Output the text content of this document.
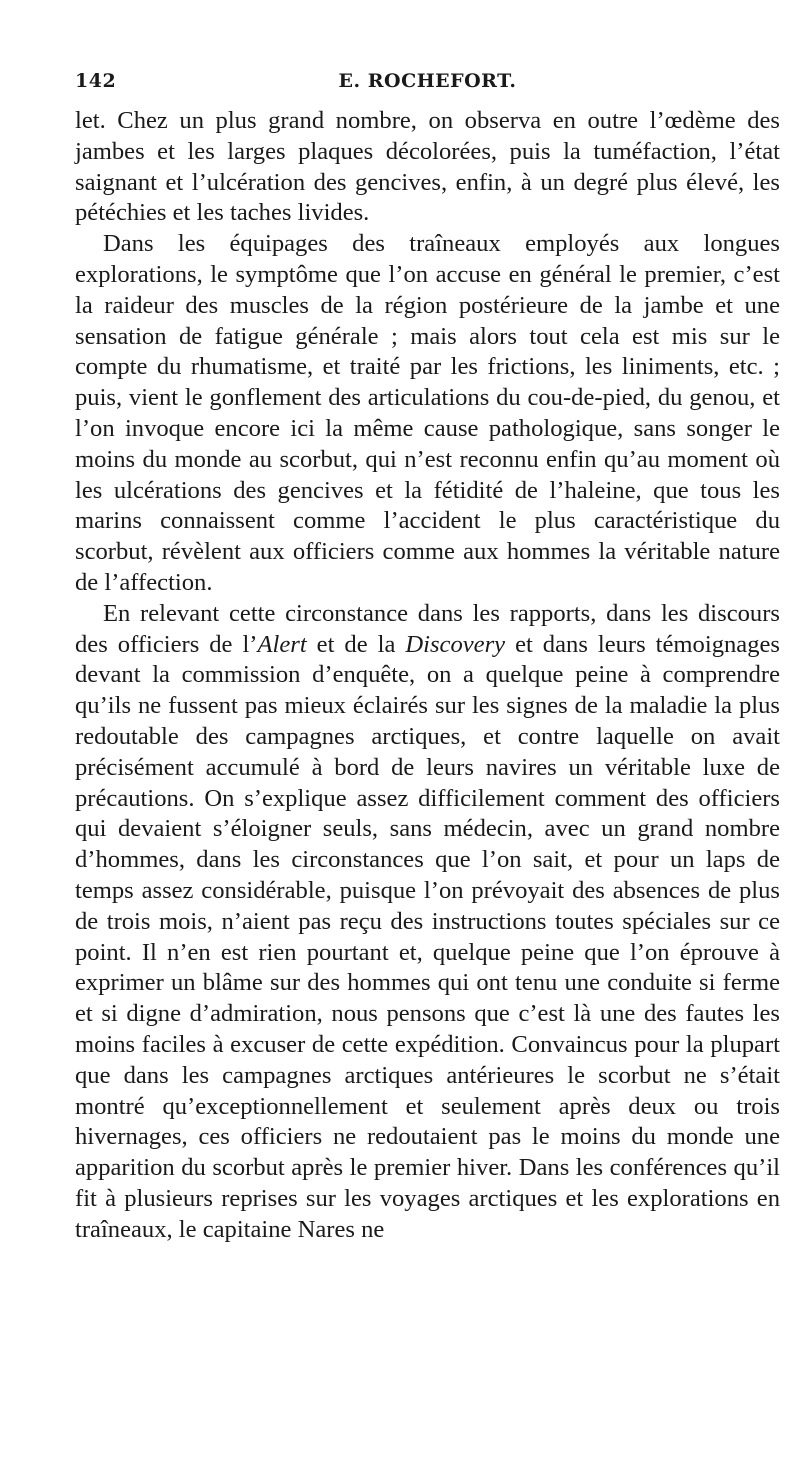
142	E. ROCHEFORT.

let. Chez un plus grand nombre, on observa en outre l’œdème des jambes et les larges plaques décolorées, puis la tuméfaction, l’état saignant et l’ulcération des gencives, enfin, à un degré plus élevé, les pétéchies et les taches livides.

Dans les équipages des traîneaux employés aux longues explorations, le symptôme que l’on accuse en général le premier, c’est la raideur des muscles de la région postérieure de la jambe et une sensation de fatigue générale ; mais alors tout cela est mis sur le compte du rhumatisme, et traité par les frictions, les liniments, etc. ; puis, vient le gonflement des articulations du cou-de-pied, du genou, et l’on invoque encore ici la même cause pathologique, sans songer le moins du monde au scorbut, qui n’est reconnu enfin qu’au moment où les ulcérations des gencives et la fétidité de l’haleine, que tous les marins connaissent comme l’accident le plus caractéristique du scorbut, révèlent aux officiers comme aux hommes la véritable nature de l’affection.

En relevant cette circonstance dans les rapports, dans les discours des officiers de l’Alert et de la Discovery et dans leurs témoignages devant la commission d’enquête, on a quelque peine à comprendre qu’ils ne fussent pas mieux éclairés sur les signes de la maladie la plus redoutable des campagnes arctiques, et contre laquelle on avait précisément accumulé à bord de leurs navires un véritable luxe de précautions. On s’explique assez difficilement comment des officiers qui devaient s’éloigner seuls, sans médecin, avec un grand nombre d’hommes, dans les circonstances que l’on sait, et pour un laps de temps assez considérable, puisque l’on prévoyait des absences de plus de trois mois, n’aient pas reçu des instructions toutes spéciales sur ce point. Il n’en est rien pourtant et, quelque peine que l’on éprouve à exprimer un blâme sur des hommes qui ont tenu une conduite si ferme et si digne d’admiration, nous pensons que c’est là une des fautes les moins faciles à excuser de cette expédition. Convaincus pour la plupart que dans les campagnes arctiques antérieures le scorbut ne s’était montré qu’exceptionnellement et seulement après deux ou trois hivernages, ces officiers ne redoutaient pas le moins du monde une apparition du scorbut après le premier hiver. Dans les conférences qu’il fit à plusieurs reprises sur les voyages arctiques et les explorations en traîneaux, le capitaine Nares ne
